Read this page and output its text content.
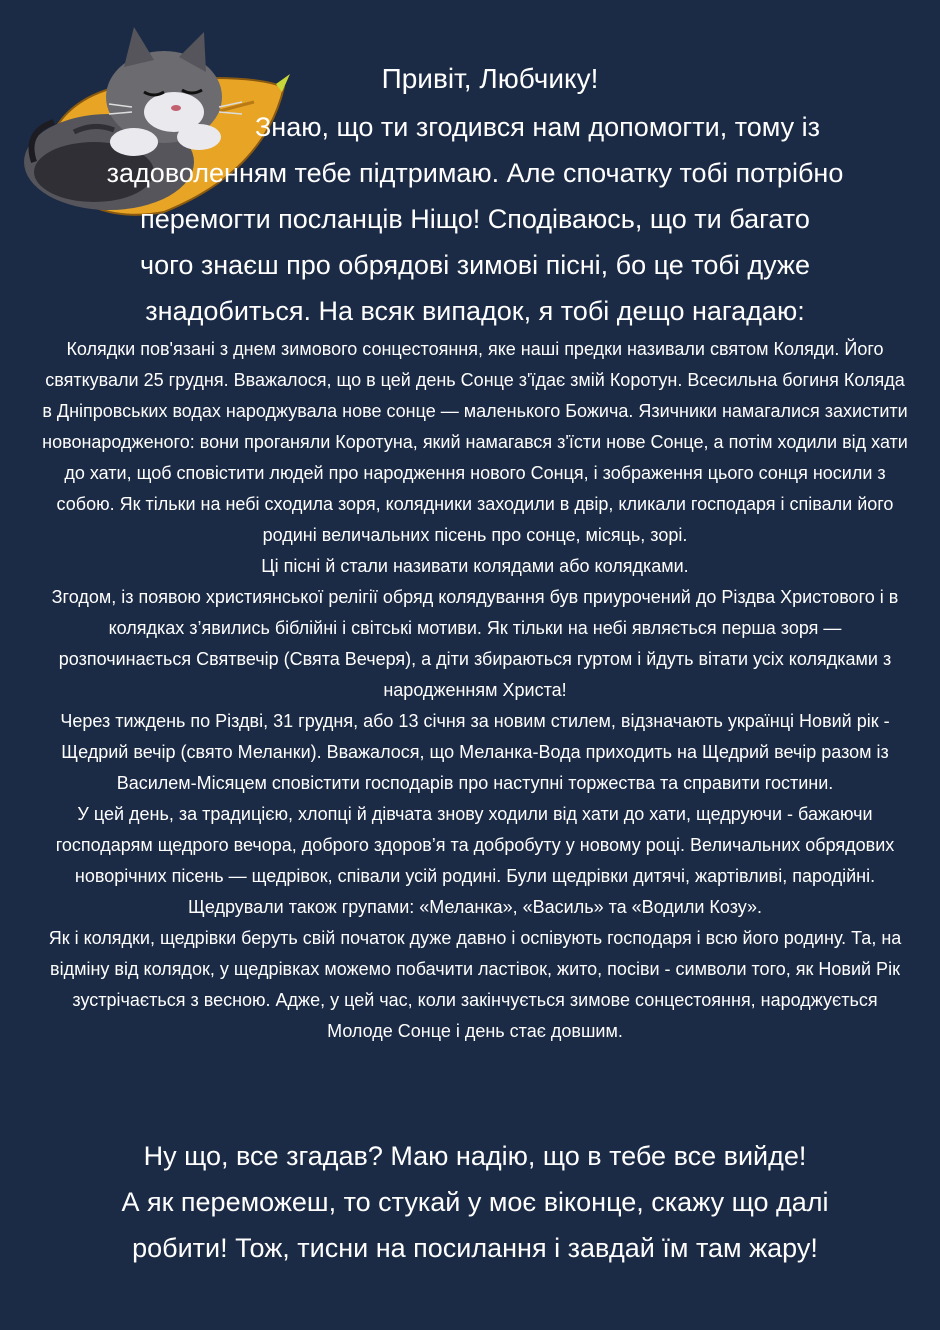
Привіт, Любчику!
Знаю, що ти згодився нам допомогти, тому із
задоволенням тебе підтримаю. Але спочатку тобі потрібно
перемогти посланців Ніщо! Сподіваюсь, що ти багато
чого знаєш про обрядові зимові пісні, бо це тобі дуже
знадобиться. На всяк випадок, я тобі дещо нагадаю:

Колядки пов'язані з днем зимового сонцестояння, яке наші предки називали святом Коляди. Його святкували 25 грудня. Вважалося, що в цей день Сонце з'їдає змій Коротун. Всесильна богиня Коляда в Дніпровських водах народжувала нове сонце — маленького Божича. Язичники намагалися захистити новонародженого: вони проганяли Коротуна, який намагався з'їсти нове Сонце, а потім ходили від хати до хати, щоб сповістити людей про народження нового Сонця, і зображення цього сонця носили з собою. Як тільки на небі сходила зоря, колядники заходили в двір, кликали господаря і співали його родині величальних пісень про сонце, місяць, зорі.

Ці пісні й стали називати колядами або колядками.

Згодом, із появою християнської релігії обряд колядування був приурочений до Різдва Христового і в колядках з’явились біблійні і світські мотиви. Як тільки на небі являється перша зоря — розпочинається Святвечір (Свята Вечеря), а діти збираються гуртом і йдуть вітати усіх колядками з народженням Христа!

Через тиждень по Різдві, 31 грудня, або 13 січня за новим стилем, відзначають українці Новий рік - Щедрий вечір (свято Меланки). Вважалося, що Меланка-Вода приходить на Щедрий вечір разом із Василем-Місяцем сповістити господарів про наступні торжества та справити гостини.

У цей день, за традицією, хлопці й дівчата знову ходили від хати до хати, щедруючи - бажаючи господарям щедрого вечора, доброго здоров’я та добробуту у новому році. Величальних обрядових новорічних пісень — щедрівок, співали усій родині. Були щедрівки дитячі, жартівливі, пародійні. Щедрували також групами: «Меланка», «Василь» та «Водили Козу».

Як і колядки, щедрівки беруть свій початок дуже давно і оспівують господаря і всю його родину. Та, на відміну від колядок, у щедрівках можемо побачити ластівок, жито, посіви - символи того, як Новий Рік зустрічається з весною. Адже, у цей час, коли закінчується зимове сонцестояння, народжується Молоде Сонце і день стає довшим.

Ну що, все згадав? Маю надію, що в тебе все вийде!

А як переможеш, то стукай у моє віконце, скажу що далі

робити! Тож, тисни на посилання і завдай їм там жару!
